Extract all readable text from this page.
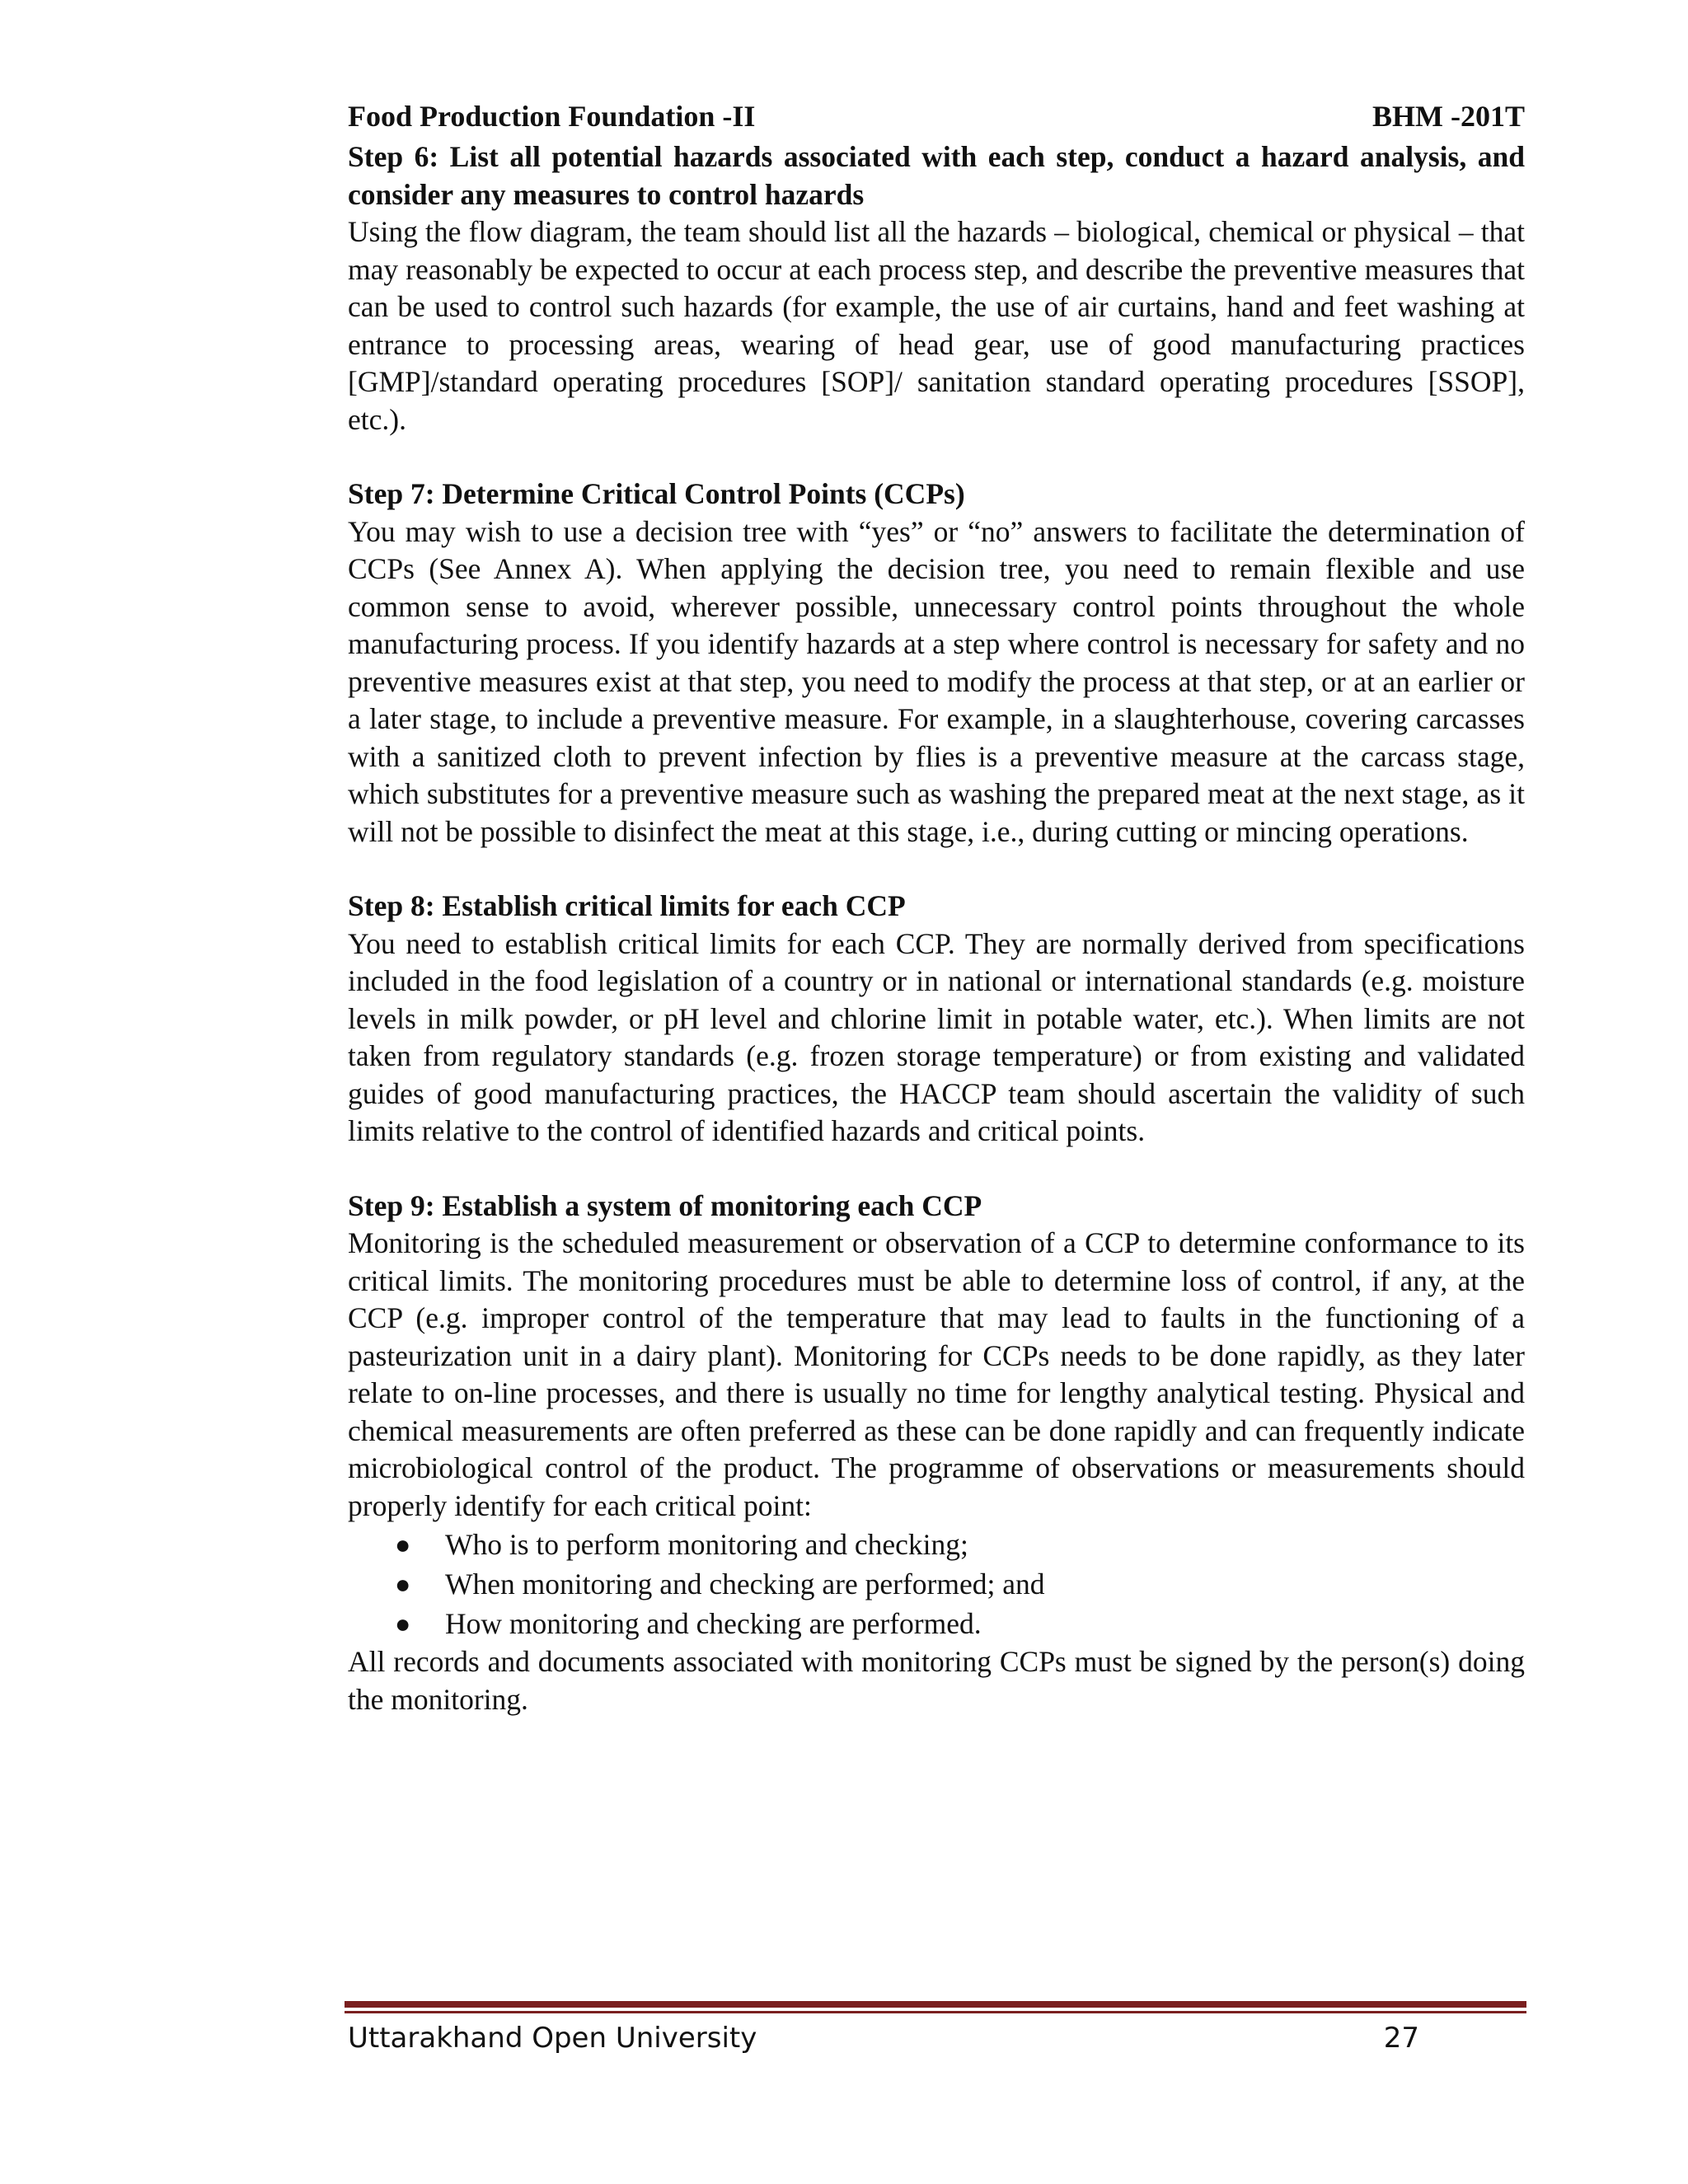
Food Production Foundation -II	BHM -201T

Step 6: List all potential hazards associated with each step, conduct a hazard analysis, and consider any measures to control hazards

Using the flow diagram, the team should list all the hazards – biological, chemical or physical – that may reasonably be expected to occur at each process step, and describe the preventive measures that can be used to control such hazards (for example, the use of air curtains, hand and feet washing at entrance to processing areas, wearing of head gear, use of good manufacturing practices [GMP]/standard operating procedures [SOP]/ sanitation standard operating procedures [SSOP], etc.).

Step 7: Determine Critical Control Points (CCPs)

You may wish to use a decision tree with “yes” or “no” answers to facilitate the determination of CCPs (See Annex A). When applying the decision tree, you need to remain flexible and use common sense to avoid, wherever possible, unnecessary control points throughout the whole manufacturing process. If you identify hazards at a step where control is necessary for safety and no preventive measures exist at that step, you need to modify the process at that step, or at an earlier or a later stage, to include a preventive measure. For example, in a slaughterhouse, covering carcasses with a sanitized cloth to prevent infection by flies is a preventive measure at the carcass stage, which substitutes for a preventive measure such as washing the prepared meat at the next stage, as it will not be possible to disinfect the meat at this stage, i.e., during cutting or mincing operations.

Step 8: Establish critical limits for each CCP

You need to establish critical limits for each CCP. They are normally derived from specifications included in the food legislation of a country or in national or international standards (e.g. moisture levels in milk powder, or pH level and chlorine limit in potable water, etc.). When limits are not taken from regulatory standards (e.g. frozen storage temperature) or from existing and validated guides of good manufacturing practices, the HACCP team should ascertain the validity of such limits relative to the control of identified hazards and critical points.

Step 9: Establish a system of monitoring each CCP

Monitoring is the scheduled measurement or observation of a CCP to determine conformance to its critical limits. The monitoring procedures must be able to determine loss of control, if any, at the CCP (e.g. improper control of the temperature that may lead to faults in the functioning of a pasteurization unit in a dairy plant). Monitoring for CCPs needs to be done rapidly, as they later relate to on-line processes, and there is usually no time for lengthy analytical testing. Physical and chemical measurements are often preferred as these can be done rapidly and can frequently indicate microbiological control of the product. The programme of observations or measurements should properly identify for each critical point:

● Who is to perform monitoring and checking;
● When monitoring and checking are performed; and
● How monitoring and checking are performed.

All records and documents associated with monitoring CCPs must be signed by the person(s) doing the monitoring.

Uttarakhand Open University	27
